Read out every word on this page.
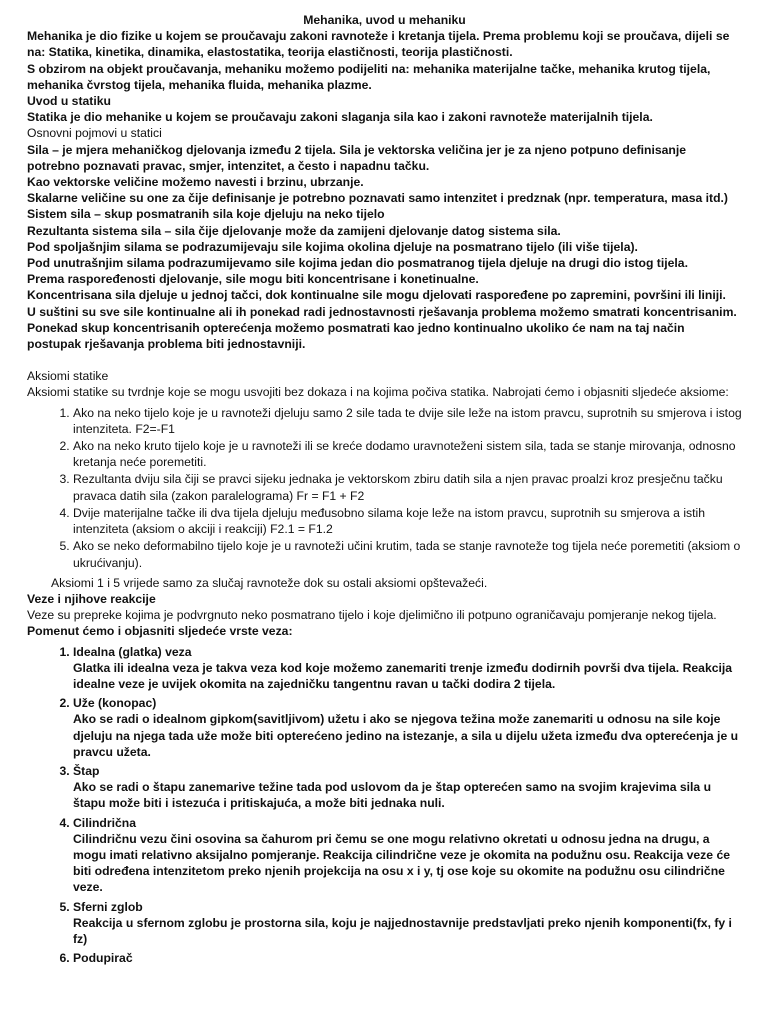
Mehanika, uvod u mehaniku

Mehanika je dio fizike u kojem se proučavaju zakoni ravnoteže i kretanja tijela. Prema problemu koji se proučava, dijeli se na: Statika, kinetika, dinamika, elastostatika, teorija elastičnosti, teorija plastičnosti.

S obzirom na objekt proučavanja, mehaniku možemo podijeliti na: mehanika materijalne tačke, mehanika krutog tijela, mehanika čvrstog tijela, mehanika fluida, mehanika plazme.

Uvod u statiku

Statika je dio mehanike u kojem se proučavaju zakoni slaganja sila kao i zakoni ravnoteže materijalnih tijela.

Osnovni pojmovi u statici

Sila – je mjera mehaničkog djelovanja između 2 tijela. Sila je vektorska veličina jer je za njeno potpuno definisanje potrebno poznavati pravac, smjer, intenzitet, a često i napadnu tačku.

Kao vektorske veličine možemo navesti i brzinu, ubrzanje.

Skalarne veličine su one za čije definisanje je potrebno poznavati samo intenzitet i predznak (npr. temperatura, masa itd.)

Sistem sila – skup posmatranih sila koje djeluju na neko tijelo

Rezultanta sistema sila – sila čije djelovanje može da zamijeni djelovanje datog sistema sila.

Pod spoljašnjim silama se podrazumijevaju sile kojima okolina djeluje na posmatrano tijelo (ili više tijela).

Pod unutrašnjim silama podrazumijevamo sile kojima jedan dio posmatranog tijela djeluje na drugi dio istog tijela.

Prema raspoređenosti djelovanje, sile mogu biti koncentrisane i konetinualne.

Koncentrisana sila djeluje u jednoj tačci, dok kontinualne sile mogu djelovati raspoređene po zapremini, površini ili liniji.

U suštini su sve sile kontinualne ali ih ponekad radi jednostavnosti rješavanja problema možemo smatrati koncentrisanim.

Ponekad skup koncentrisanih opterećenja možemo posmatrati kao jedno kontinualno ukoliko će nam na taj način postupak rješavanja problema biti jednostavniji.

Aksiomi statike

Aksiomi statike su tvrdnje koje se mogu usvojiti bez dokaza i na kojima počiva statika. Nabrojati ćemo i objasniti sljedeće aksiome:

1. Ako na neko tijelo koje je u ravnoteži djeluju samo 2 sile tada te dvije sile leže na istom pravcu, suprotnih su smjerova i istog intenziteta. F2=-F1
2. Ako na neko kruto tijelo koje je u ravnoteži ili se kreće dodamo uravnoteženi sistem sila, tada se stanje mirovanja, odnosno kretanja neće poremetiti.
3. Rezultanta dviju sila čiji se pravci sijeku jednaka je vektorskom zbiru datih sila a njen pravac proalzi kroz presječnu tačku pravaca datih sila (zakon paralelograma) Fr = F1 + F2
4. Dvije materijalne tačke ili dva tijela djeluju međusobno silama koje leže na istom pravcu, suprotnih su smjerova a istih intenziteta (aksiom o akciji i reakciji) F2.1 = F1.2
5. Ako se neko deformabilno tijelo koje je u ravnoteži učini krutim, tada se stanje ravnoteže tog tijela neće poremetiti (aksiom o ukrućivanju).

Aksiomi 1 i 5 vrijede samo za slučaj ravnoteže dok su ostali aksiomi opštevažeći.

Veze i njihove reakcije

Veze su prepreke kojima je podvrgnuto neko posmatrano tijelo i koje djelimično ili potpuno ograničavaju pomjeranje nekog tijela.

Pomenut ćemo i objasniti sljedeće vrste veza:

1. Idealna (glatka) veza
Glatka ili idealna veza je takva veza kod koje možemo zanemariti trenje između dodirnih površi dva tijela. Reakcija idealne veze je uvijek okomita na zajedničku tangentnu ravan u tački dodira 2 tijela.
2. Uže (konopac)
Ako se radi o idealnom gipkom(savitljivom) užetu i ako se njegova težina može zanemariti u odnosu na sile koje djeluju na njega tada uže može biti opterećeno jedino na istezanje, a sila u dijelu užeta između dva opterećenja je u pravcu užeta.
3. Štap
Ako se radi o štapu zanemarive težine tada pod uslovom da je štap opterećen samo na svojim krajevima sila u štapu može biti i istezuća i pritiskajuća, a može biti jednaka nuli.
4. Cilindrična
Cilindričnu vezu čini osovina sa čahurom pri čemu se one mogu relativno okretati u odnosu jedna na drugu, a mogu imati relativno aksijalno pomjeranje. Reakcija cilindrične veze je okomita na podužnu osu. Reakcija veze će biti određena intenzitetom preko njenih projekcija na osu x i y, tj ose koje su okomite na podužnu osu cilindrične veze.
5. Sferni zglob
Reakcija u sfernom zglobu je prostorna sila, koju je najjednostavnije predstavljati preko njenih komponenti(fx, fy i fz)
6. Podupirač
